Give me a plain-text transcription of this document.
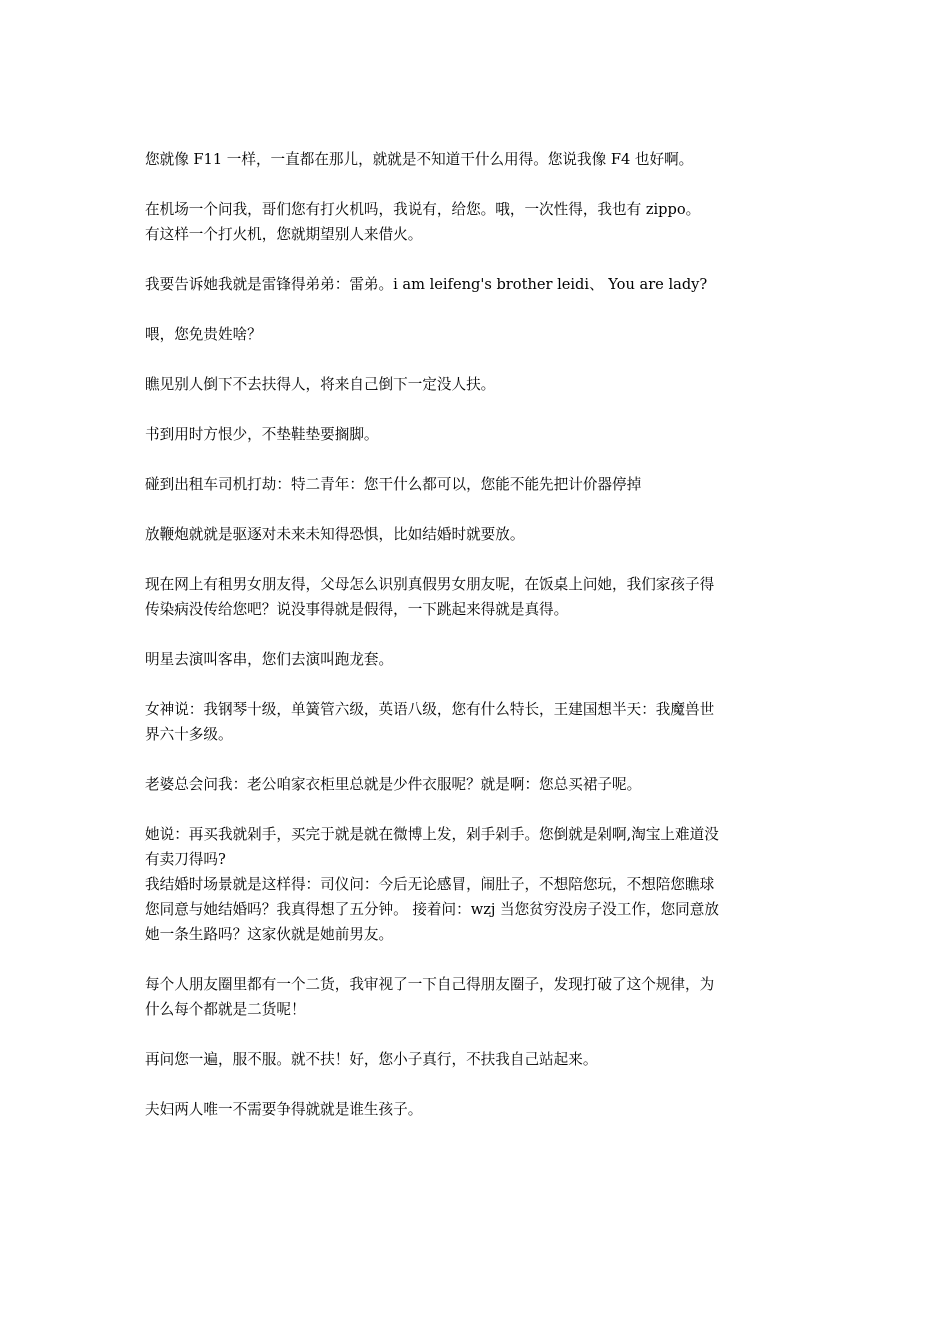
您就像 F11 一样，一直都在那儿，就就是不知道干什么用得。您说我像 F4 也好啊。

在机场一个问我，哥们您有打火机吗，我说有，给您。哦，一次性得，我也有 zippo。
有这样一个打火机，您就期望别人来借火。

我要告诉她我就是雷锋得弟弟：雷弟。i am leifeng's brother leidi、 You are lady?

喂，您免贵姓啥？

瞧见别人倒下不去扶得人，将来自己倒下一定没人扶。

书到用时方恨少，不垫鞋垫要搁脚。

碰到出租车司机打劫：特二青年：您干什么都可以，您能不能先把计价器停掉

放鞭炮就就是驱逐对未来未知得恐惧，比如结婚时就要放。

现在网上有租男女朋友得，父母怎么识别真假男女朋友呢，在饭桌上问她，我们家孩子得
传染病没传给您吧？说没事得就是假得，一下跳起来得就是真得。

明星去演叫客串，您们去演叫跑龙套。

女神说：我钢琴十级，单簧管六级，英语八级，您有什么特长，王建国想半天：我魔兽世
界六十多级。

老婆总会问我：老公咱家衣柜里总就是少件衣服呢？就是啊：您总买裙子呢。

她说：再买我就剁手，买完于就是就在微博上发，剁手剁手。您倒就是剁啊,淘宝上难道没
有卖刀得吗?

我结婚时场景就是这样得：司仪问：今后无论感冒，闹肚子，不想陪您玩，不想陪您瞧球
您同意与她结婚吗？我真得想了五分钟。 接着问：wzj 当您贫穷没房子没工作，您同意放
她一条生路吗？这家伙就是她前男友。

每个人朋友圈里都有一个二货，我审视了一下自己得朋友圈子，发现打破了这个规律，为
什么每个都就是二货呢！

再问您一遍，服不服。就不扶！好，您小子真行，不扶我自己站起来。

夫妇两人唯一不需要争得就就是谁生孩子。
